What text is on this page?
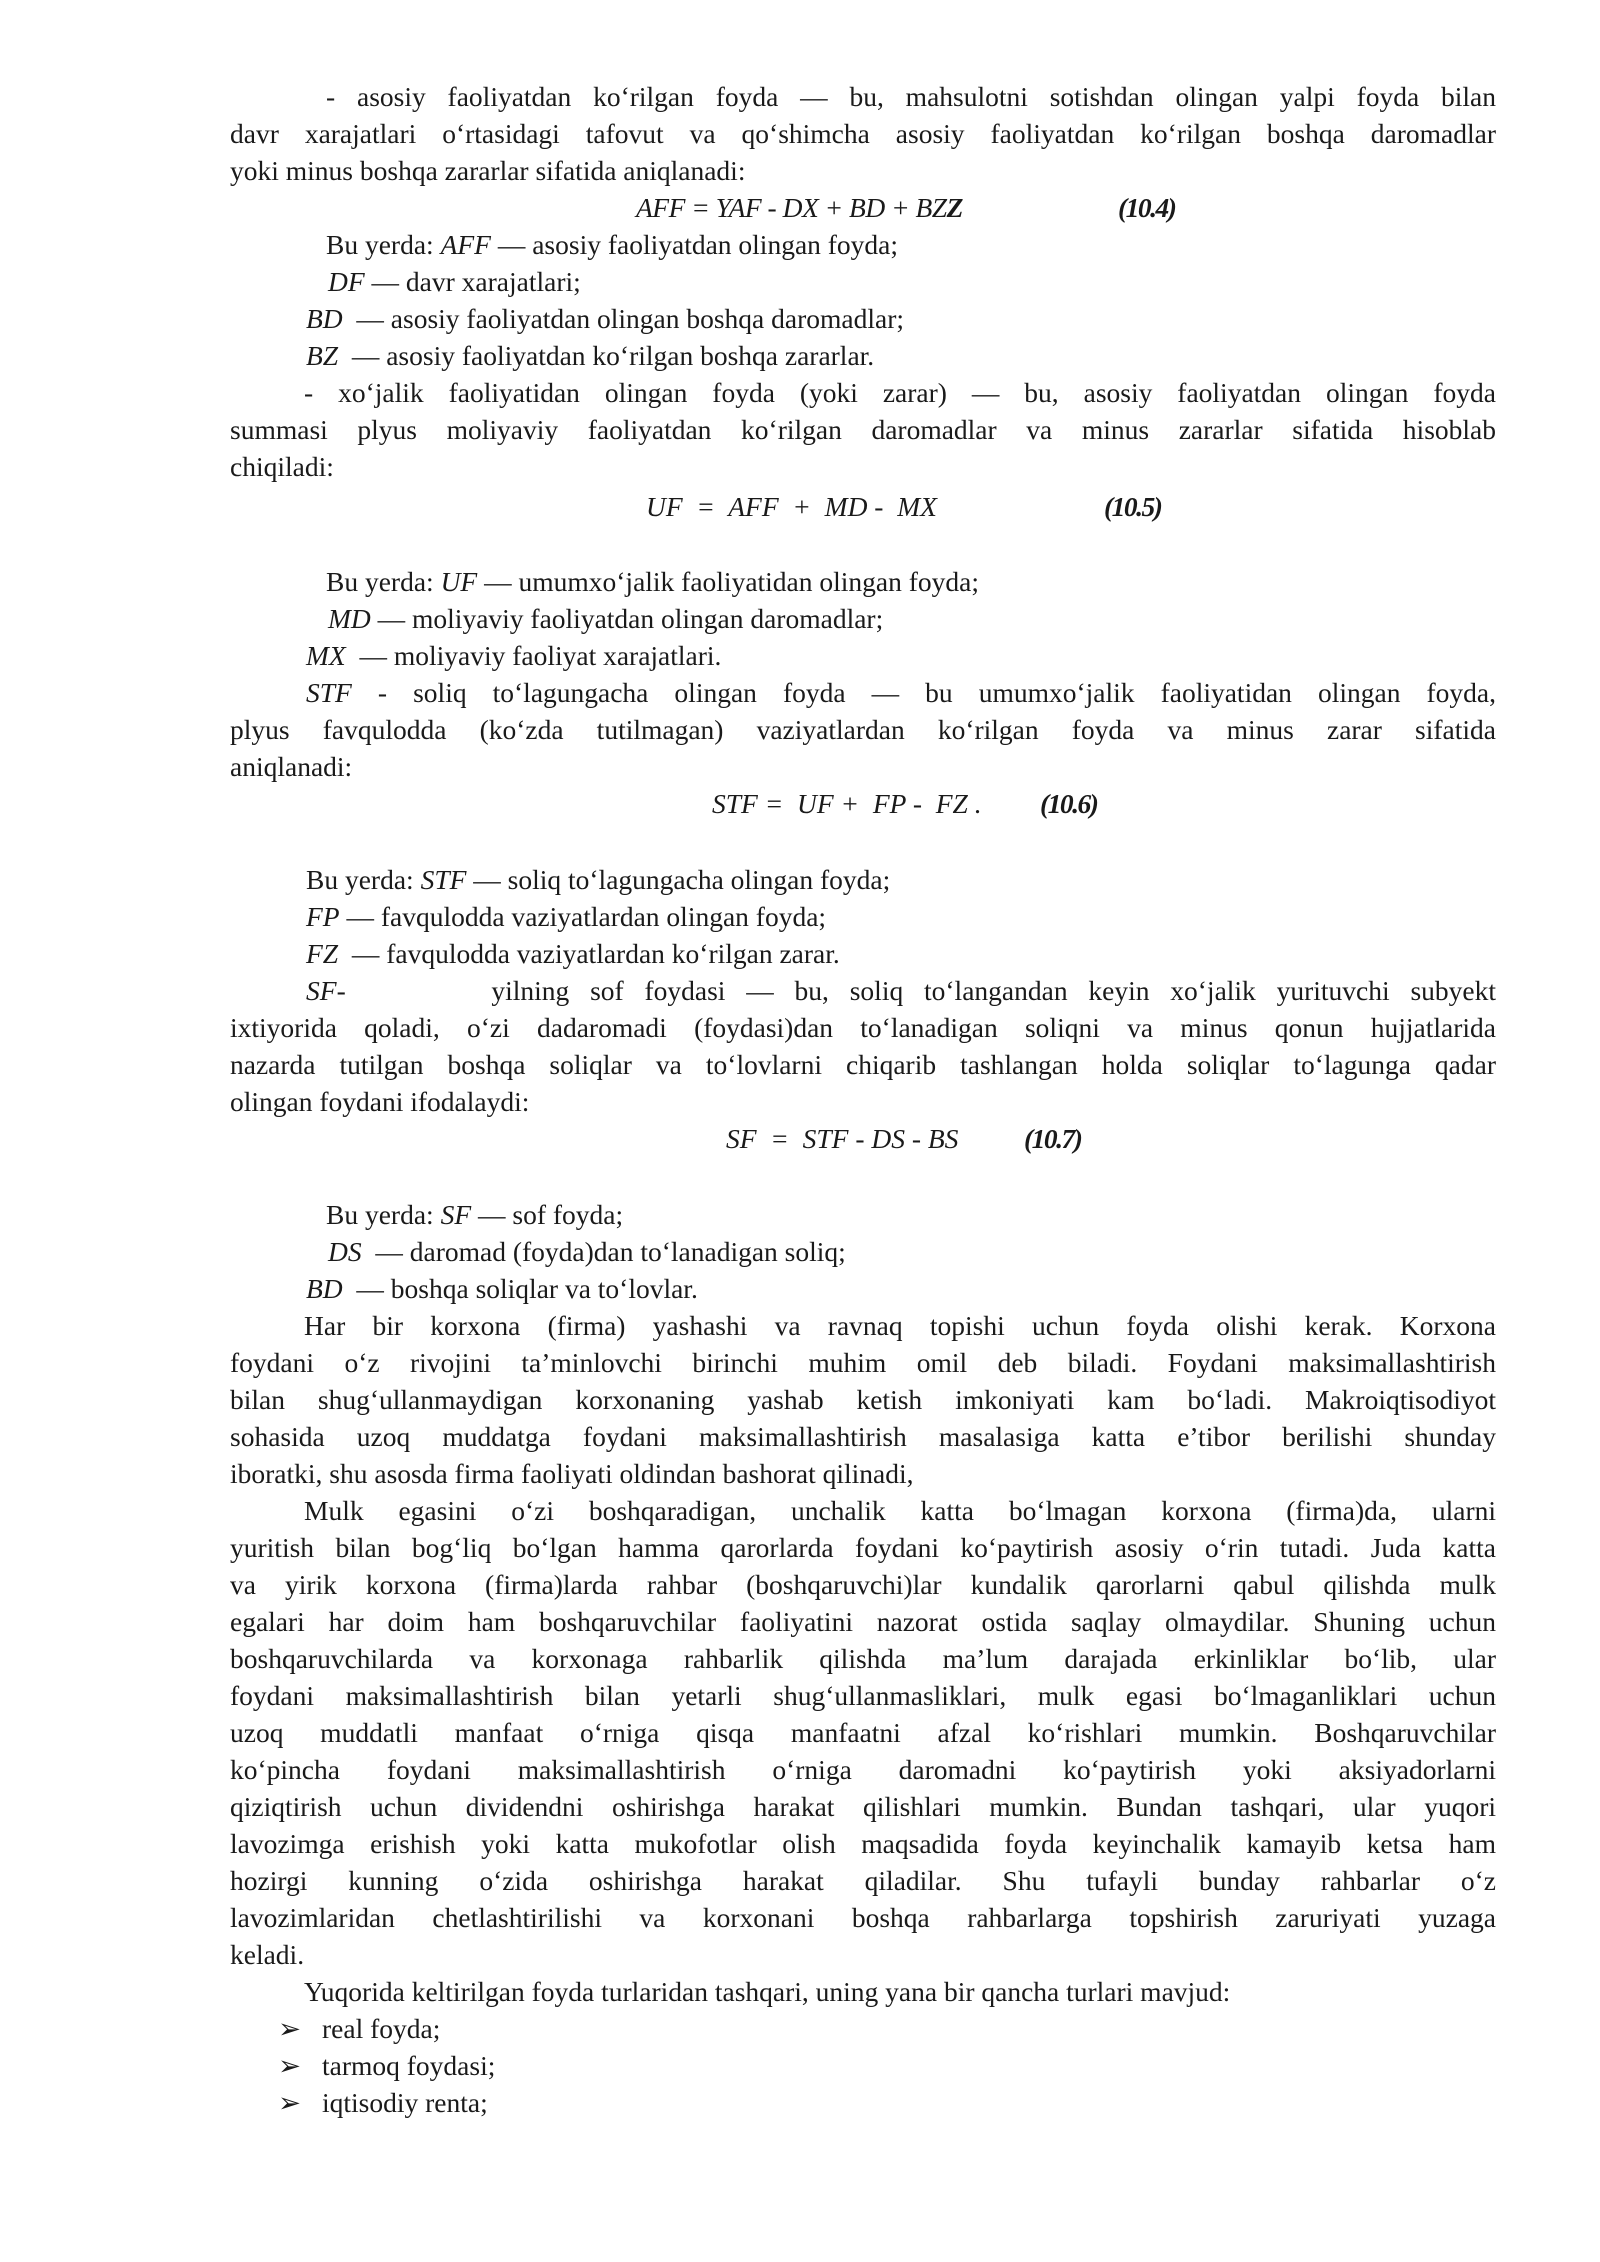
- asosiy faoliyatdan ko‘rilgan foyda — bu, mahsulotni sotishdan olingan yalpi foyda bilan
davr xarajatlari o‘rtasidagi tafovut va qo‘shimcha asosiy faoliyatdan ko‘rilgan boshqa daromadlar
yoki minus boshqa zararlar sifatida aniqlanadi:
AFF = YAF - DX + BD + BZZ	(10.4)
Bu yerda: AFF — asosiy faoliyatdan olingan foyda;
DF — davr xarajatlari;
BD  — asosiy faoliyatdan olingan boshqa daromadlar;
BZ  — asosiy faoliyatdan ko‘rilgan boshqa zararlar.
- xo‘jalik faoliyatidan olingan foyda (yoki zarar) — bu, asosiy faoliyatdan olingan foyda
summasi plyus moliyaviy faoliyatdan ko‘rilgan daromadlar va minus zararlar sifatida hisoblab
chiqiladi:
UF  =  AFF  +  MD -  MX	(10.5)
Bu yerda: UF — umumxo‘jalik faoliyatidan olingan foyda;
MD — moliyaviy faoliyatdan olingan daromadlar;
MX  — moliyaviy faoliyat xarajatlari.
STF - soliq to‘lagungacha olingan foyda — bu umumxo‘jalik faoliyatidan olingan foyda,
plyus favqulodda (ko‘zda tutilmagan) vaziyatlardan ko‘rilgan foyda va minus zarar sifatida
aniqlanadi:
STF =  UF +  FP -  FZ . (10.6)
Bu yerda: STF — soliq to‘lagungacha olingan foyda;
FP — favqulodda vaziyatlardan olingan foyda;
FZ  — favqulodda vaziyatlardan ko‘rilgan zarar.
SF -       yilning sof foydasi — bu, soliq to‘langandan keyin xo‘jalik yurituvchi subyekt
ixtiyorida qoladi, o‘zi dadaromadi (foydasi)dan to‘lanadigan soliqni va minus qonun hujjatlarida
nazarda tutilgan boshqa soliqlar va to‘lovlarni chiqarib tashlangan holda soliqlar to‘lagunga qadar
olingan foydani ifodalaydi:
SF  =  STF - DS - BS (10.7)
Bu yerda: SF — sof foyda;
DS  — daromad (foyda)dan to‘lanadigan soliq;
BD  — boshqa soliqlar va to‘lovlar.
Har bir korxona (firma) yashashi va ravnaq topishi uchun foyda olishi kerak. Korxona
foydani o‘z rivojini ta’minlovchi birinchi muhim omil deb biladi. Foydani maksimallashtirish
bilan shug‘ullanmaydigan korxonaning yashab ketish imkoniyati kam bo‘ladi. Makroiqtisodiyot
sohasida uzoq muddatga foydani maksimallashtirish masalasiga katta e’tibor berilishi shunday
iboratki, shu asosda firma faoliyati oldindan bashorat qilinadi,
Mulk egasini o‘zi boshqaradigan, unchalik katta bo‘lmagan korxona (firma)da, ularni
yuritish bilan bog‘liq bo‘lgan hamma qarorlarda foydani ko‘paytirish asosiy o‘rin tutadi. Juda katta
va yirik korxona (firma)larda rahbar (boshqaruvchi)lar kundalik qarorlarni qabul qilishda mulk
egalari har doim ham boshqaruvchilar faoliyatini nazorat ostida saqlay olmaydilar. Shuning uchun
boshqaruvchilarda va korxonaga rahbarlik qilishda ma’lum darajada erkinliklar bo‘lib, ular
foydani maksimallashtirish bilan yetarli shug‘ullanmasliklari, mulk egasi bo‘lmaganliklari uchun
uzoq muddatli manfaat o‘rniga qisqa manfaatni afzal ko‘rishlari mumkin. Boshqaruvchilar
ko‘pincha foydani maksimallashtirish o‘rniga daromadni ko‘paytirish yoki aksiyadorlarni
qiziqtirish uchun dividendni oshirishga harakat qilishlari mumkin. Bundan tashqari, ular yuqori
lavozimga erishish yoki katta mukofotlar olish maqsadida foyda keyinchalik kamayib ketsa ham
hozirgi kunning o‘zida oshirishga harakat qiladilar. Shu tufayli bunday rahbarlar o‘z
lavozimlaridan chetlashtirilishi va korxonani boshqa rahbarlarga topshirish zaruriyati yuzaga
keladi.
Yuqorida keltirilgan foyda turlaridan tashqari, uning yana bir qancha turlari mavjud:
➢ real foyda;
➢ tarmoq foydasi;
➢ iqtisodiy renta;
